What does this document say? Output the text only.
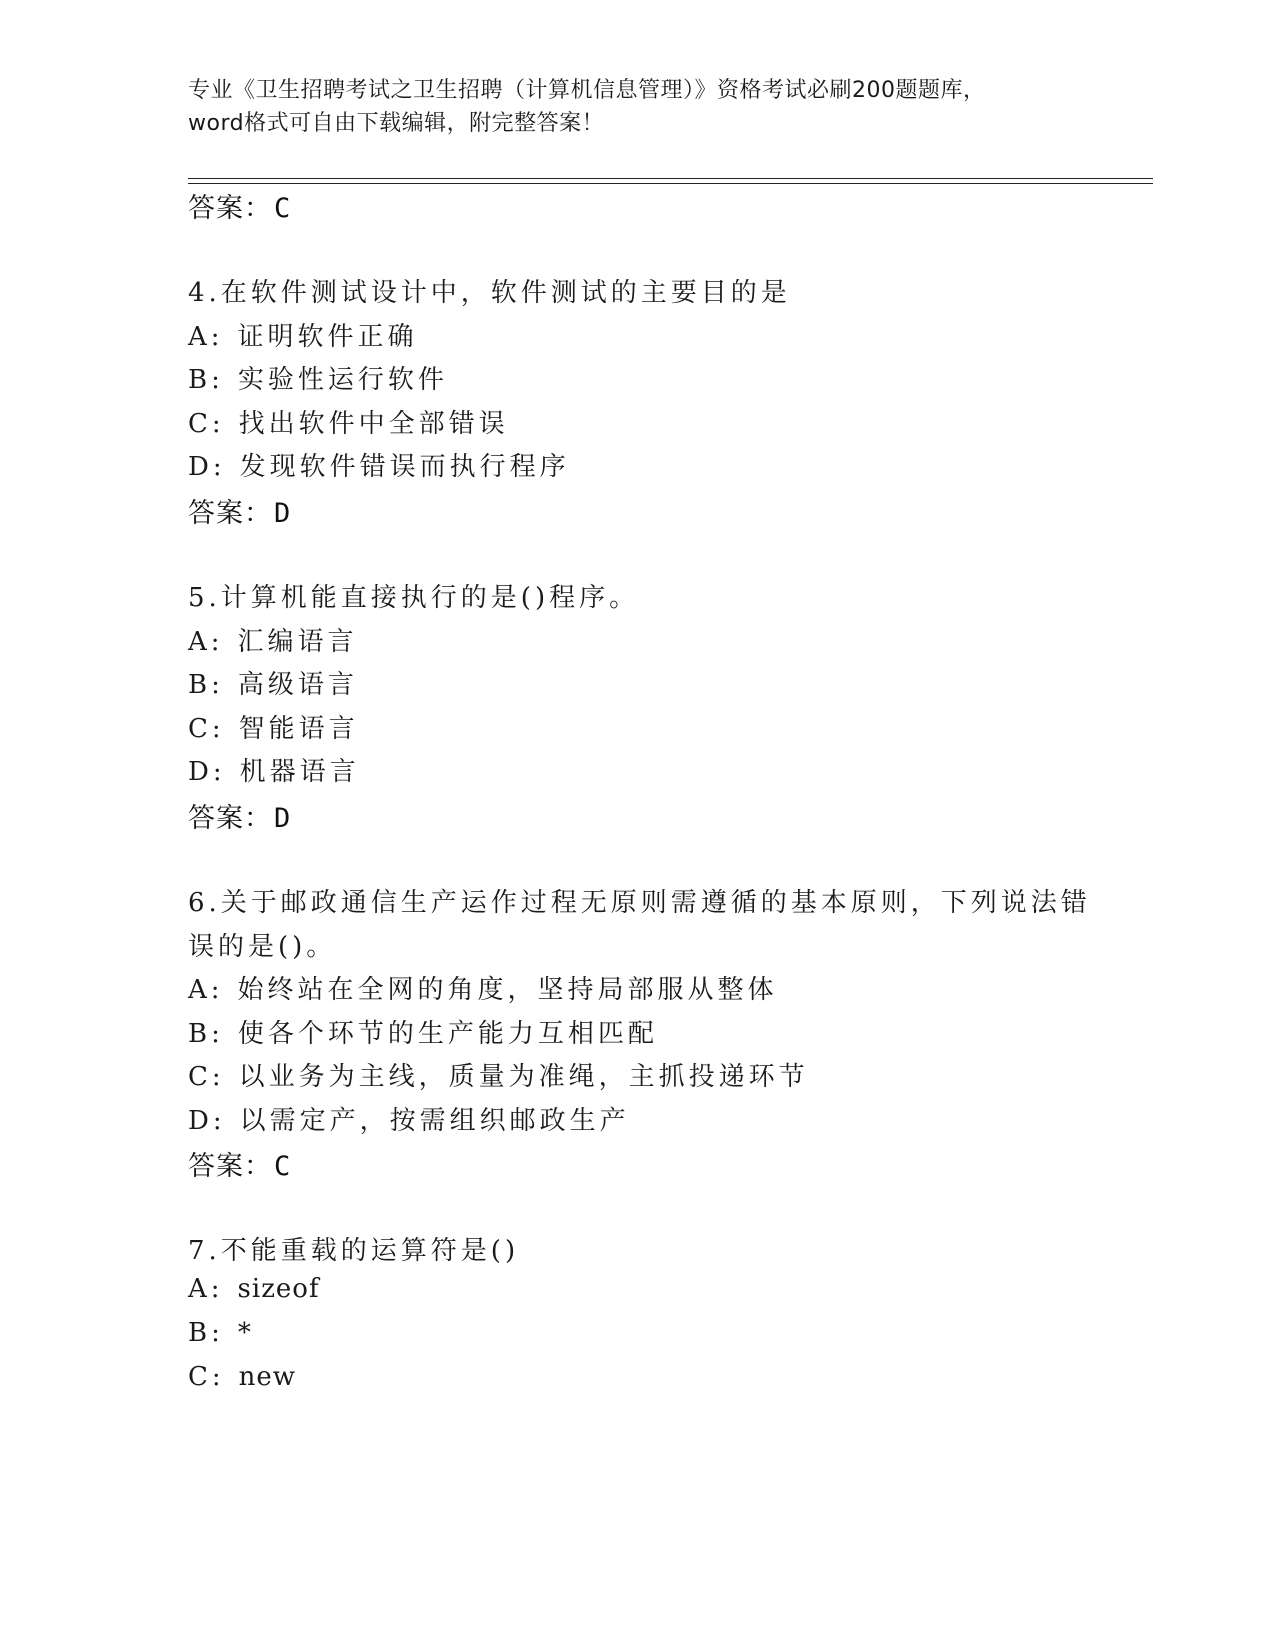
专业《卫生招聘考试之卫生招聘（计算机信息管理）》资格考试必刷200题题库，
word格式可自由下载编辑，附完整答案！
答案：C
4.在软件测试设计中，软件测试的主要目的是
A: 证明软件正确
B: 实验性运行软件
C: 找出软件中全部错误
D: 发现软件错误而执行程序
答案：D
5.计算机能直接执行的是()程序。
A: 汇编语言
B: 高级语言
C: 智能语言
D: 机器语言
答案：D
6.关于邮政通信生产运作过程无原则需遵循的基本原则，下列说法错
误的是()。
A: 始终站在全网的角度，坚持局部服从整体
B: 使各个环节的生产能力互相匹配
C: 以业务为主线，质量为准绳，主抓投递环节
D: 以需定产，按需组织邮政生产
答案：C
7.不能重载的运算符是()
A: sizeof
B: *
C: new
